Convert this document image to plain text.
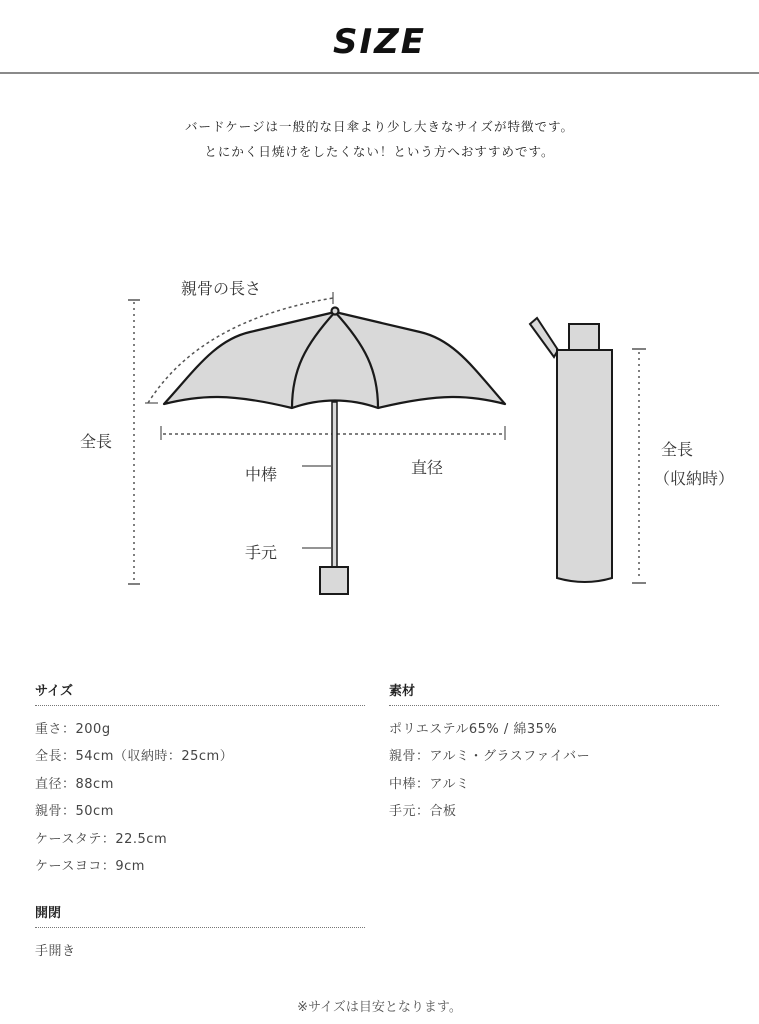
SIZE
バードケージは一般的な日傘より少し大きなサイズが特徴です。
とにかく日焼けをしたくない！という方へおすすめです。
親骨の長さ
全長
中棒	直径
手元
全長
（収納時）
サイズ
重さ：200g
全長：54cm（収納時：25cm）
直径：88cm
親骨：50cm
ケースタテ：22.5cm
ケースヨコ：9cm
素材
ポリエステル65% / 綿35%
親骨：アルミ・グラスファイバー
中棒：アルミ
手元：合板
開閉
手開き
※サイズは目安となります。
